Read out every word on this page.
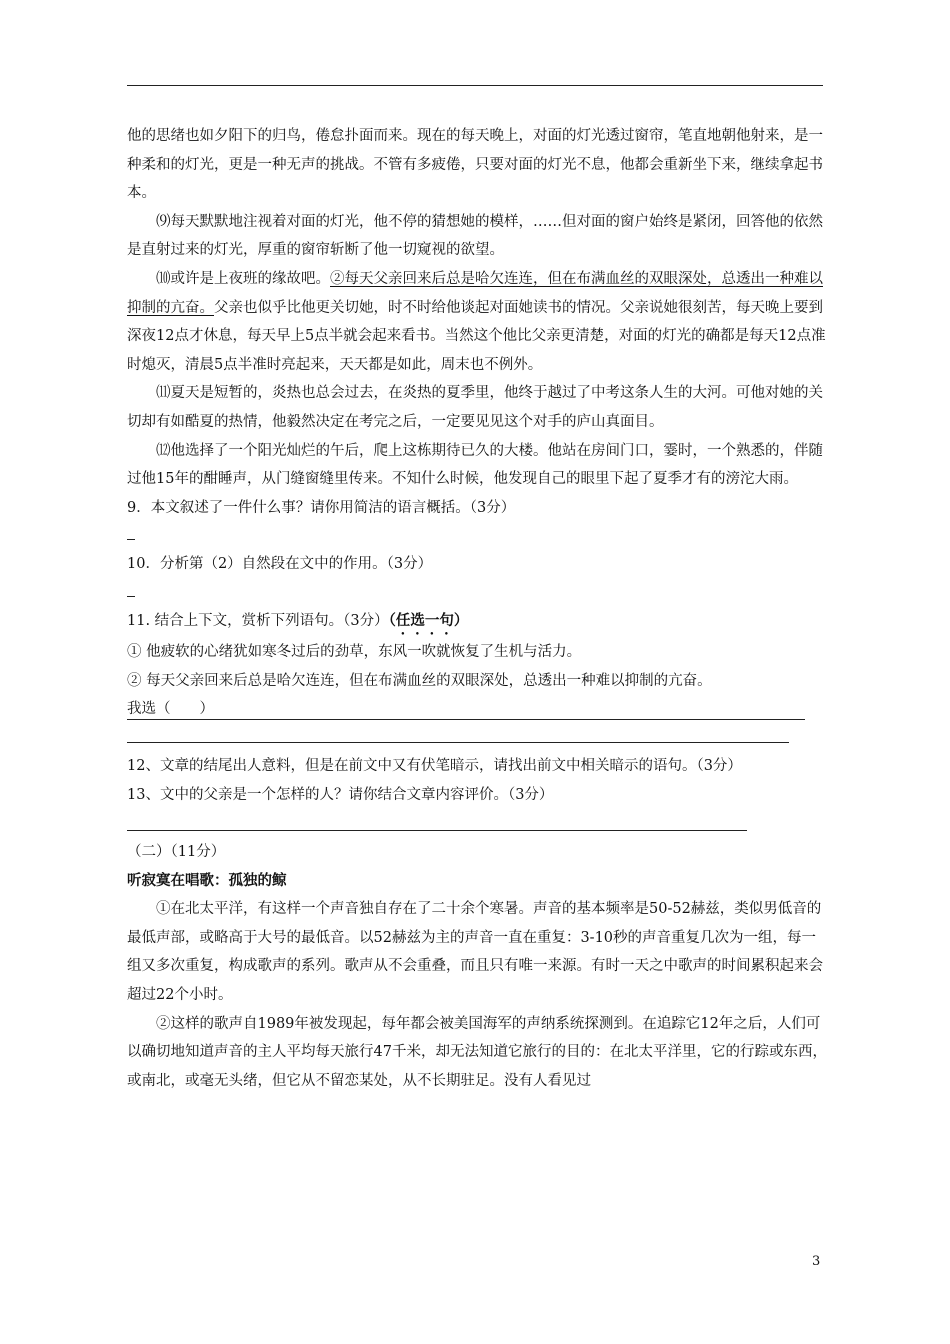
他的思绪也如夕阳下的归鸟，倦怠扑面而来。现在的每天晚上，对面的灯光透过窗帘，笔直地朝他射来，是一种柔和的灯光，更是一种无声的挑战。不管有多疲倦，只要对面的灯光不息，他都会重新坐下来，继续拿起书本。

⑼每天默默地注视着对面的灯光，他不停的猜想她的模样，……但对面的窗户始终是紧闭，回答他的依然是直射过来的灯光，厚重的窗帘斩断了他一切窥视的欲望。

⑽或许是上夜班的缘故吧。②每天父亲回来后总是哈欠连连，但在布满血丝的双眼深处，总透出一种难以抑制的亢奋。父亲也似乎比他更关切她，时不时给他谈起对面她读书的情况。父亲说她很刻苦，每天晚上要到深夜12点才休息，每天早上5点半就会起来看书。当然这个他比父亲更清楚，对面的灯光的确都是每天12点准时熄灭，清晨5点半准时亮起来，天天都是如此，周末也不例外。

⑾夏天是短暂的，炎热也总会过去，在炎热的夏季里，他终于越过了中考这条人生的大河。可他对她的关切却有如酷夏的热情，他毅然决定在考完之后，一定要见见这个对手的庐山真面目。

⑿他选择了一个阳光灿烂的午后，爬上这栋期待已久的大楼。他站在房间门口，霎时，一个熟悉的，伴随过他15年的酣睡声，从门缝窗缝里传来。不知什么时候，他发现自己的眼里下起了夏季才有的滂沱大雨。

9．本文叙述了一件什么事？请你用简洁的语言概括。（3分）

10．分析第（2）自然段在文中的作用。（3分）

11. 结合上下文，赏析下列语句。（3分）（任选一句）

① 他疲软的心绪犹如寒冬过后的劲草，东风一吹就恢复了生机与活力。

② 每天父亲回来后总是哈欠连连，但在布满血丝的双眼深处，总透出一种难以抑制的亢奋。

我选（　　）

12、文章的结尾出人意料，但是在前文中又有伏笔暗示，请找出前文中相关暗示的语句。（3分）

13、文中的父亲是一个怎样的人？请你结合文章内容评价。（3分）

（二）（11分）

听寂寞在唱歌：孤独的鲸

①在北太平洋，有这样一个声音独自存在了二十余个寒暑。声音的基本频率是50-52赫兹，类似男低音的最低声部，或略高于大号的最低音。以52赫兹为主的声音一直在重复：3-10秒的声音重复几次为一组，每一组又多次重复，构成歌声的系列。歌声从不会重叠，而且只有唯一来源。有时一天之中歌声的时间累积起来会超过22个小时。

②这样的歌声自1989年被发现起，每年都会被美国海军的声纳系统探测到。在追踪它12年之后，人们可以确切地知道声音的主人平均每天旅行47千米，却无法知道它旅行的目的：在北太平洋里，它的行踪或东西，或南北，或毫无头绪，但它从不留恋某处，从不长期驻足。没有人看见过

3
